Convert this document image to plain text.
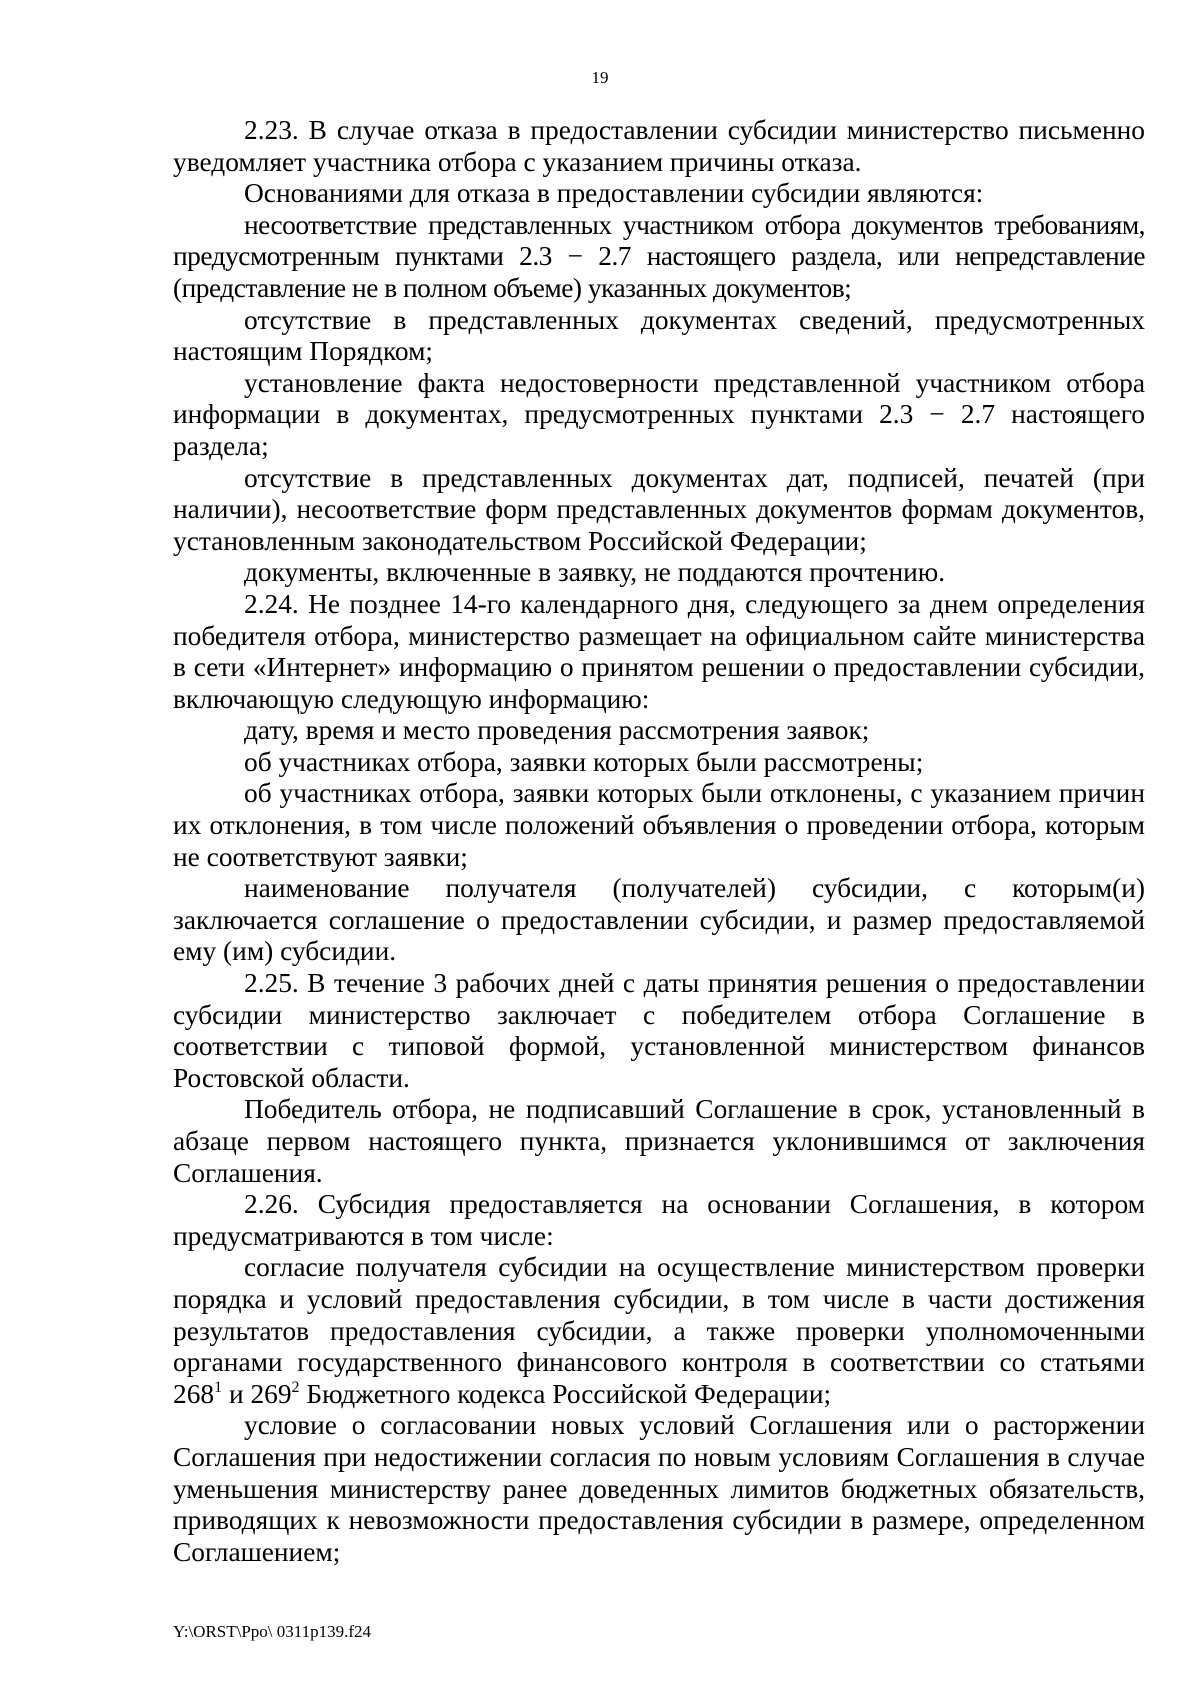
19

2.23. В случае отказа в предоставлении субсидии министерство письменно уведомляет участника отбора с указанием причины отказа.

Основаниями для отказа в предоставлении субсидии являются:

несоответствие представленных участником отбора документов требованиям, предусмотренным пунктами 2.3 − 2.7 настоящего раздела, или непредставление (представление не в полном объеме) указанных документов;

отсутствие в представленных документах сведений, предусмотренных настоящим Порядком;

установление факта недостоверности представленной участником отбора информации в документах, предусмотренных пунктами 2.3 − 2.7 настоящего раздела;

отсутствие в представленных документах дат, подписей, печатей (при наличии), несоответствие форм представленных документов формам документов, установленным законодательством Российской Федерации;

документы, включенные в заявку, не поддаются прочтению.

2.24. Не позднее 14-го календарного дня, следующего за днем определения победителя отбора, министерство размещает на официальном сайте министерства в сети «Интернет» информацию о принятом решении о предоставлении субсидии, включающую следующую информацию:

дату, время и место проведения рассмотрения заявок;

об участниках отбора, заявки которых были рассмотрены;

об участниках отбора, заявки которых были отклонены, с указанием причин их отклонения, в том числе положений объявления о проведении отбора, которым не соответствуют заявки;

наименование получателя (получателей) субсидии, с которым(и) заключается соглашение о предоставлении субсидии, и размер предоставляемой ему (им) субсидии.

2.25. В течение 3 рабочих дней с даты принятия решения о предоставлении субсидии министерство заключает с победителем отбора Соглашение в соответствии с типовой формой, установленной министерством финансов Ростовской области.

Победитель отбора, не подписавший Соглашение в срок, установленный в абзаце первом настоящего пункта, признается уклонившимся от заключения Соглашения.

2.26. Субсидия предоставляется на основании Соглашения, в котором предусматриваются в том числе:

согласие получателя субсидии на осуществление министерством проверки порядка и условий предоставления субсидии, в том числе в части достижения результатов предоставления субсидии, а также проверки уполномоченными органами государственного финансового контроля в соответствии со статьями $268^1$ и $269^2$ Бюджетного кодекса Российской Федерации;

условие о согласовании новых условий Соглашения или о расторжении Соглашения при недостижении согласия по новым условиям Соглашения в случае уменьшения министерству ранее доведенных лимитов бюджетных обязательств, приводящих к невозможности предоставления субсидии в размере, определенном Соглашением;

Y:\ORST\Ppo\ 0311p139.f24
